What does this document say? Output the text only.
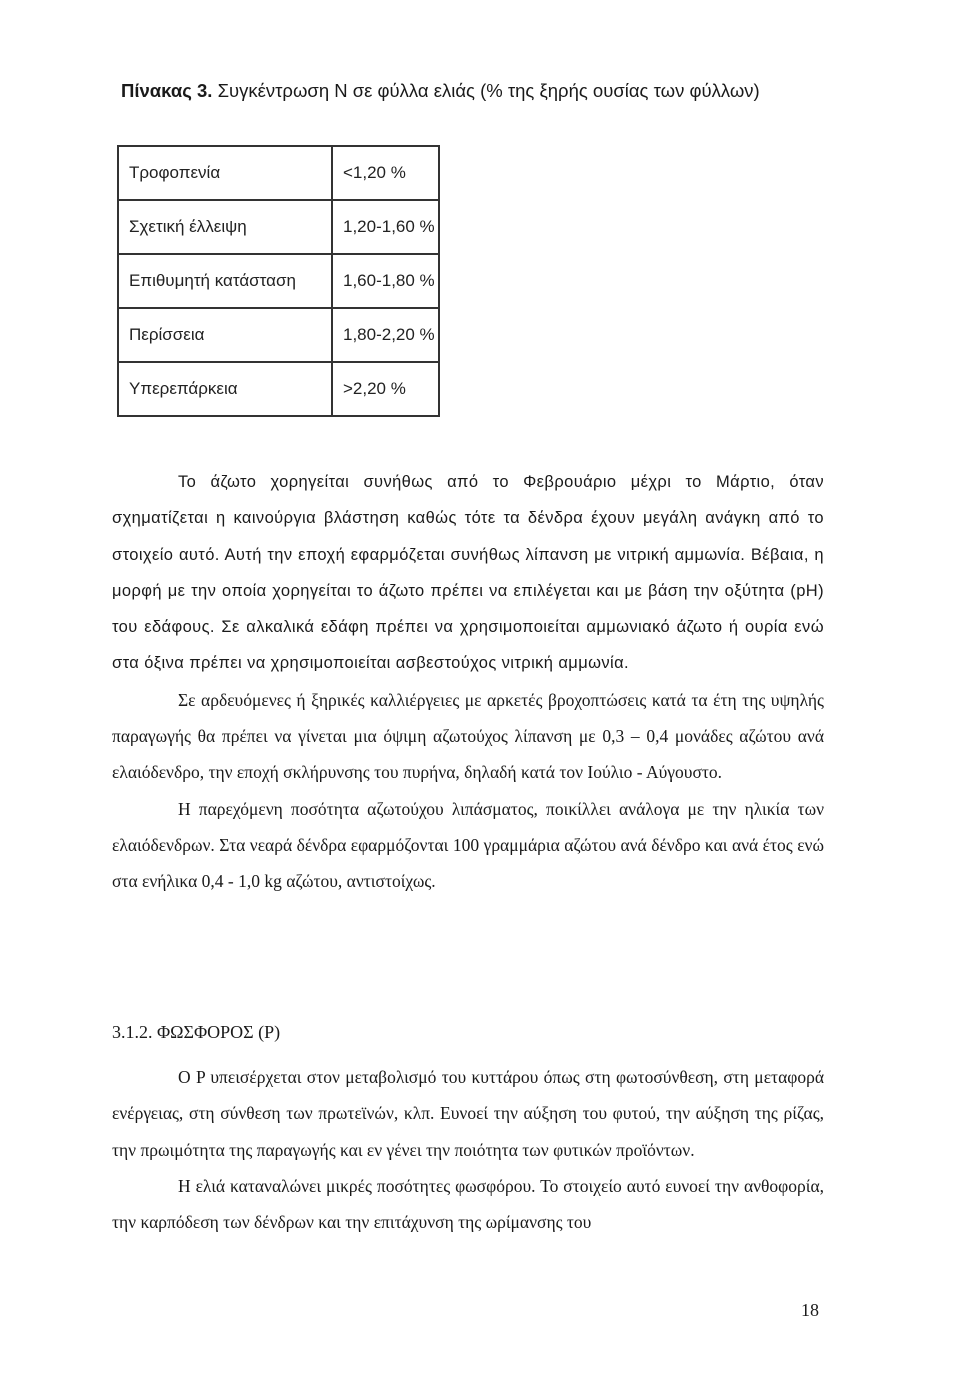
Πίνακας 3. Συγκέντρωση N σε φύλλα ελιάς (% της ξηρής ουσίας των φύλλων)
Τροφοπενία	<1,20 %
Σχετική έλλειψη	1,20-1,60 %
Επιθυμητή κατάσταση	1,60-1,80 %
Περίσσεια	1,80-2,20 %
Υπερεπάρκεια	>2,20 %

Το άζωτο χορηγείται συνήθως από το Φεβρουάριο μέχρι το Μάρτιο, όταν σχηματίζεται η καινούργια βλάστηση καθώς τότε τα δένδρα έχουν μεγάλη ανάγκη από το στοιχείο αυτό. Αυτή την εποχή εφαρμόζεται συνήθως λίπανση με νιτρική αμμωνία. Βέβαια, η μορφή με την οποία χορηγείται το άζωτο πρέπει να επιλέγεται και με βάση την οξύτητα (pH) του εδάφους. Σε αλκαλικά εδάφη πρέπει να χρησιμοποιείται αμμωνιακό άζωτο ή ουρία ενώ στα όξινα πρέπει να χρησιμοποιείται ασβεστούχος νιτρική αμμωνία.

Σε αρδευόμενες ή ξηρικές καλλιέργειες με αρκετές βροχοπτώσεις κατά τα έτη της υψηλής παραγωγής θα πρέπει να γίνεται μια όψιμη αζωτούχος λίπανση με 0,3 – 0,4 μονάδες αζώτου ανά ελαιόδενδρο, την εποχή σκλήρυνσης του πυρήνα, δηλαδή κατά τον Ιούλιο - Αύγουστο.

Η παρεχόμενη ποσότητα αζωτούχου λιπάσματος, ποικίλλει ανάλογα με την ηλικία των ελαιόδενδρων. Στα νεαρά δένδρα εφαρμόζονται 100 γραμμάρια αζώτου ανά δένδρο και ανά έτος ενώ στα ενήλικα 0,4 - 1,0 kg αζώτου, αντιστοίχως.

3.1.2. ΦΩΣΦΟΡΟΣ (P)

Ο P υπεισέρχεται στον μεταβολισμό του κυττάρου όπως στη φωτοσύνθεση, στη μεταφορά ενέργειας, στη σύνθεση των πρωτεϊνών, κλπ. Ευνοεί την αύξηση του φυτού, την αύξηση της ρίζας, την πρωιμότητα της παραγωγής και εν γένει την ποιότητα των φυτικών προϊόντων.

Η ελιά καταναλώνει μικρές ποσότητες φωσφόρου. Το στοιχείο αυτό ευνοεί την ανθοφορία, την καρπόδεση των δένδρων και την επιτάχυνση της ωρίμανσης του

18
